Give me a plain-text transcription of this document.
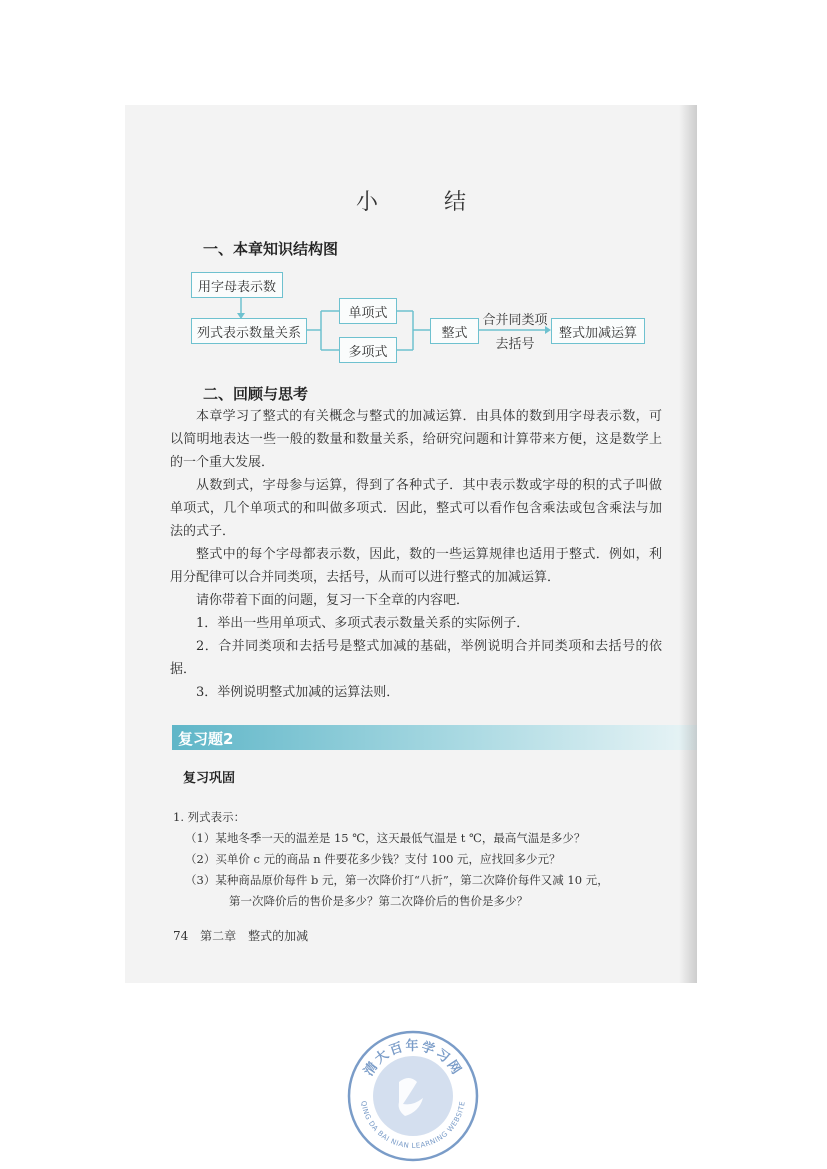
小　结
一、本章知识结构图
用字母表示数
列式表示数量关系
单项式
多项式
整式
合并同类项
去括号
整式加减运算
二、回顾与思考

本章学习了整式的有关概念与整式的加减运算．由具体的数到用字母表示数，可以简明地表达一些一般的数量和数量关系，给研究问题和计算带来方便，这是数学上的一个重大发展．

从数到式，字母参与运算，得到了各种式子．其中表示数或字母的积的式子叫做单项式，几个单项式的和叫做多项式．因此，整式可以看作包含乘法或包含乘法与加法的式子．

整式中的每个字母都表示数，因此，数的一些运算规律也适用于整式．例如，利用分配律可以合并同类项，去括号，从而可以进行整式的加减运算．

请你带着下面的问题，复习一下全章的内容吧．

1．举出一些用单项式、多项式表示数量关系的实际例子．

2．合并同类项和去括号是整式加减的基础，举例说明合并同类项和去括号的依据．

3．举例说明整式加减的运算法则．

复习题2
复习巩固
1. 列式表示：
（1）某地冬季一天的温差是 15 ℃，这天最低气温是 t ℃，最高气温是多少？
（2）买单价 c 元的商品 n 件要花多少钱？支付 100 元，应找回多少元？
（3）某种商品原价每件 b 元，第一次降价打“八折”，第二次降价每件又减 10 元，
第一次降价后的售价是多少？第二次降价后的售价是多少？
74 第二章　整式的加减
清大百年学习网
QING DA BAI NIAN LEARNING WEBSITE
